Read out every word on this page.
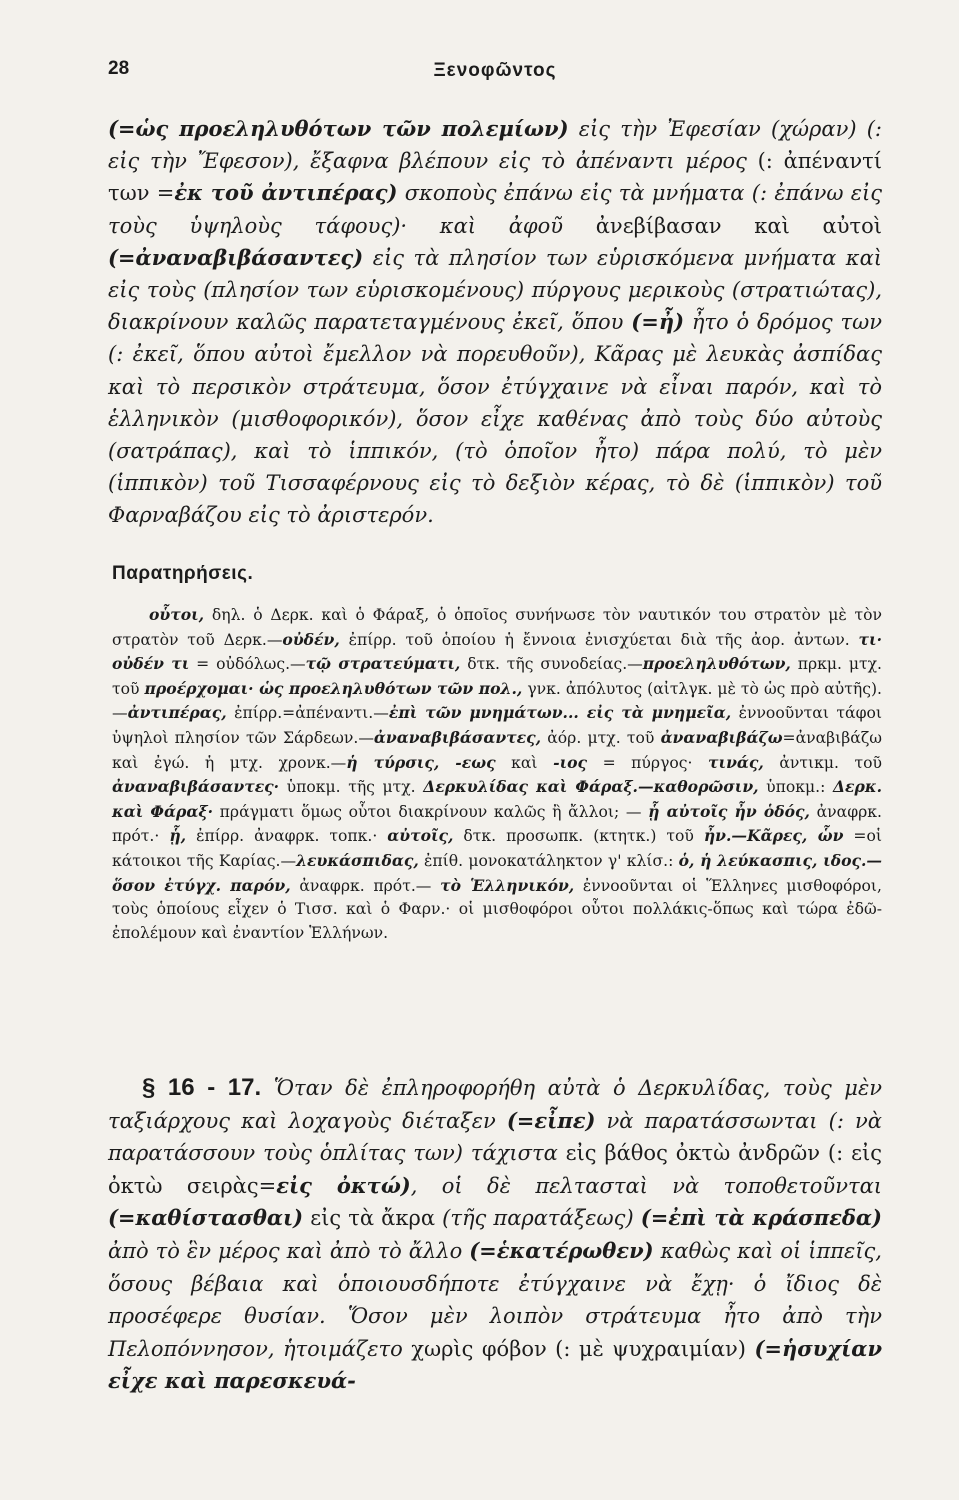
28	Ξενοφῶντος
(=ὡς προεληλυθότων τῶν πολεμίων) εἰς τὴν Ἐφεσίαν (χώραν) (: εἰς τὴν Ἔφεσον), ἔξαφνα βλέπουν εἰς τὸ ἀπέναντι μέρος (: ἀπέναντί των =ἐκ τοῦ ἀντιπέρας) σκοποὺς ἐπάνω εἰς τὰ μνήματα (: ἐπάνω εἰς τοὺς ὑψηλοὺς τάφους)· καὶ ἀφοῦ ἀνεβίβασαν καὶ αὐτοὶ (=ἀναναβιβάσαντες) εἰς τὰ πλησίον των εὑρισκόμενα μνήματα καὶ εἰς τοὺς (πλησίον των εὑρισκομένους) πύργους μερικοὺς (στρατιώτας), διακρίνουν καλῶς παρατεταγμένους ἐκεῖ, ὅπου (=ἦ) ἦτο ὁ δρόμος των (: ἐκεῖ, ὅπου αὐτοὶ ἔμελλον νὰ πορευθοῦν), Κᾶρας μὲ λευκὰς ἀσπίδας καὶ τὸ περσικὸν στράτευμα, ὅσον ἐτύγχαινε νὰ εἶναι παρόν, καὶ τὸ ἑλληνικὸν (μισθοφορικόν), ὅσον εἶχε καθένας ἀπὸ τοὺς δύο αὐτοὺς (σατράπας), καὶ τὸ ἱππικόν, (τὸ ὁποῖον ἦτο) πάρα πολύ, τὸ μὲν (ἱππικὸν) τοῦ Τισσαφέρνους εἰς τὸ δεξιὸν κέρας, τὸ δὲ (ἱππικὸν) τοῦ Φαρναβάζου εἰς τὸ ἀριστερόν.
Παρατηρήσεις.

οὗτοι, δηλ. ὁ Δερκ. καὶ ὁ Φάραξ, ὁ ὁποῖος συνήνωσε τὸν ναυτικόν του στρατὸν μὲ τὸν στρατὸν τοῦ Δερκ.—οὐδέν, ἐπίρρ. τοῦ ὁποίου ἡ ἔννοια ἐνισχύεται διὰ τῆς ἀορ. ἀντων. τι· οὐδέν τι = οὐδόλως.—τῷ στρατεύματι, δτκ. τῆς συνοδείας.—προεληλυθότων, πρκμ. μτχ. τοῦ προέρχομαι· ὡς προεληλυθότων τῶν πολ., γνκ. ἀπόλυτος (αἰτλγκ. μὲ τὸ ὡς πρὸ αὐτῆς).—ἀντιπέρας, ἐπίρρ.=ἀπέναντι.—ἐπὶ τῶν μνημάτων... εἰς τὰ μνημεῖα, ἐννοοῦνται τάφοι ὑψηλοὶ πλησίον τῶν Σάρδεων.—ἀναναβιβάσαντες, ἀόρ. μτχ. τοῦ ἀναναβιβάζω=ἀναβιβάζω καὶ ἐγώ. ἡ μτχ. χρονκ.—ἡ τύρσις, -εως καὶ -ιος = πύργος· τινάς, ἀντικμ. τοῦ ἀναναβιβάσαντες· ὑποκμ. τῆς μτχ. Δερκυλίδας καὶ Φάραξ.—καθορῶσιν, ὑποκμ.: Δερκ. καὶ Φάραξ· πράγματι ὅμως οὗτοι διακρίνουν καλῶς ἢ ἄλλοι; — ᾗ αὐτοῖς ἦν ὁδός, ἀναφρκ. πρότ.· ᾗ, ἐπίρρ. ἀναφρκ. τοπκ.· αὐτοῖς, δτκ. προσωπκ. (κτητκ.) τοῦ ἦν.—Κᾶρες, ὧν =οἱ κάτοικοι τῆς Καρίας.—λευκάσπιδας, ἐπίθ. μονοκατάληκτον γ' κλίσ.: ὁ, ἡ λεύκασπις, ιδος.— ὅσον ἐτύγχ. παρόν, ἀναφρκ. πρότ.— τὸ Ἑλληνικόν, ἐννοοῦνται οἱ Ἕλληνες μισθοφόροι, τοὺς ὁποίους εἶχεν ὁ Τισσ. καὶ ὁ Φαρν.· οἱ μισθοφόροι οὗτοι πολλάκις-ὅπως καὶ τώρα ἐδῶ-ἐπολέμουν καὶ ἐναντίον Ἑλλήνων.

§ 16 - 17. Ὅταν δὲ ἐπληροφορήθη αὐτὰ ὁ Δερκυλίδας, τοὺς μὲν ταξιάρχους καὶ λοχαγοὺς διέταξεν (=εἶπε) νὰ παρατάσσωνται (: νὰ παρατάσσουν τοὺς ὁπλίτας των) τάχιστα εἰς βάθος ὀκτὼ ἀνδρῶν (: εἰς ὀκτὼ σειρὰς=εἰς ὀκτώ), οἱ δὲ πελτασταὶ νὰ τοποθετοῦνται (=καθίστασθαι) εἰς τὰ ἄκρα (τῆς παρατάξεως) (=ἐπὶ τὰ κράσπεδα) ἀπὸ τὸ ἓν μέρος καὶ ἀπὸ τὸ ἄλλο (=ἑκατέρωθεν) καθὼς καὶ οἱ ἱππεῖς, ὅσους βέβαια καὶ ὁποιουσδήποτε ἐτύγχαινε νὰ ἔχῃ· ὁ ἴδιος δὲ προσέφερε θυσίαν. Ὅσον μὲν λοιπὸν στράτευμα ἦτο ἀπὸ τὴν Πελοπόννησον, ἡτοιμάζετο χωρὶς φόβον (: μὲ ψυχραιμίαν) (=ἡσυχίαν εἶχε καὶ παρεσκευά-
